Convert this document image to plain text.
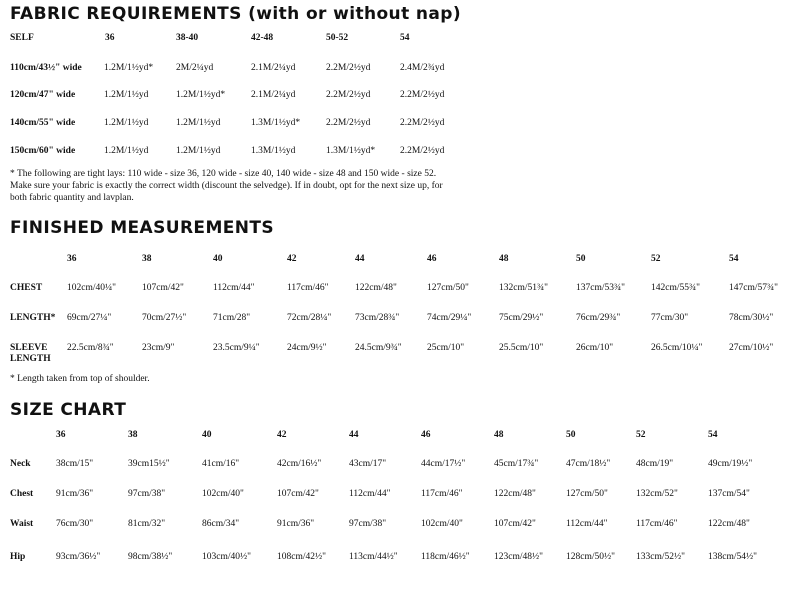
FABRIC REQUIREMENTS (with or without nap)
SELF	36	38-40	42-48	50-52	54
110cm/43½" wide 1.2M/1½yd* 2M/2¼yd	2.1M/2¼yd	2.2M/2½yd	2.4M/2¾yd
120cm/47" wide	1.2M/1½yd	1.2M/1½yd*	2.1M/2¼yd	2.2M/2½yd	2.2M/2½yd
140cm/55" wide	1.2M/1½yd	1.2M/1½yd	1.3M/1½yd*	2.2M/2½yd	2.2M/2½yd
150cm/60" wide	1.2M/1½yd	1.2M/1½yd	1.3M/1½yd	1.3M/1½yd*	2.2M/2½yd
* The following are tight lays: 110 wide - size 36, 120 wide - size 40, 140 wide - size 48 and 150 wide - size 52.
Make sure your fabric is exactly the correct width (discount the selvedge). If in doubt, opt for the next size up, for
both fabric quantity and lavplan.
FINISHED MEASUREMENTS
36	38	40	42	44	46	48	50	52	54
CHEST	102cm/40¼"	107cm/42"	112cm/44"	117cm/46"	122cm/48"	127cm/50"	132cm/51¾"	137cm/53¾"	142cm/55¾"	147cm/57¾"
LENGTH* 69cm/27¼"	70cm/27½"	71cm/28"	72cm/28¼"	73cm/28¾"	74cm/29¼"	75cm/29½"	76cm/29¾"	77cm/30"	78cm/30½"
SLEEVE
LENGTH
22.5cm/8¾"	23cm/9"	23.5cm/9¼"	24cm/9½"	24.5cm/9¾"	25cm/10"	25.5cm/10"	26cm/10"	26.5cm/10¼"	27cm/10½"
* Length taken from top of shoulder.
SIZE CHART
36	38	40	42	44	46	48	50	52	54
Neck	38cm/15"	39cm15½"	41cm/16"	42cm/16½"	43cm/17"	44cm/17½"	45cm/17¾"	47cm/18½"	48cm/19"	49cm/19½"
Chest 91cm/36"	97cm/38"	102cm/40"	107cm/42"	112cm/44"	117cm/46"	122cm/48"	127cm/50"	132cm/52"	137cm/54"
Waist 76cm/30"	81cm/32"	86cm/34"	91cm/36"	97cm/38"	102cm/40"	107cm/42"	112cm/44"	117cm/46"	122cm/48"
Hip	93cm/36½"	98cm/38½"	103cm/40½"	108cm/42½" 113cm/44½" 118cm/46½"	123cm/48½" 128cm/50½" 133cm/52½" 138cm/54½"
